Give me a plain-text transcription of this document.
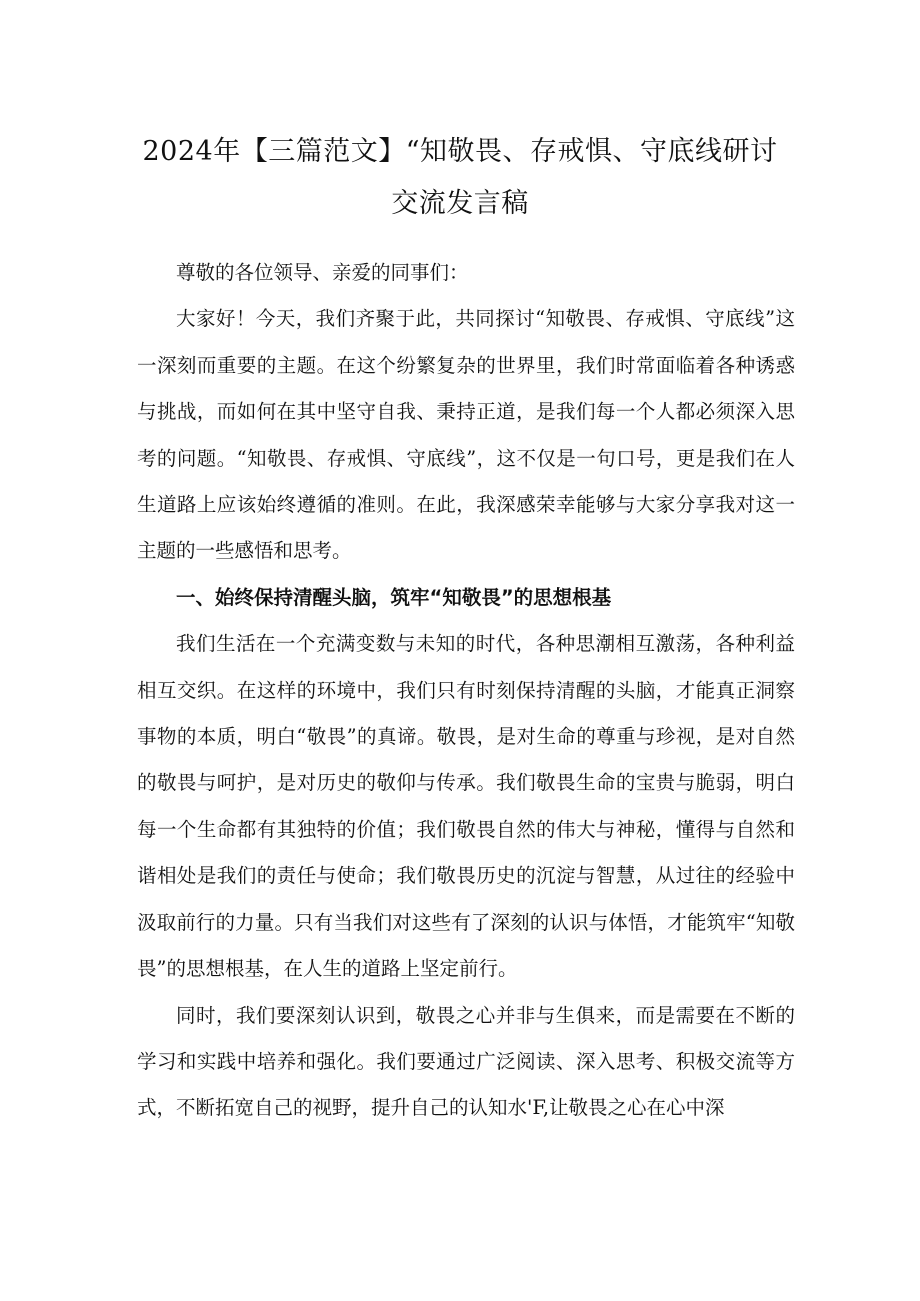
2024年【三篇范文】“知敬畏、存戒惧、守底线研讨
交流发言稿

尊敬的各位领导、亲爱的同事们：

大家好！今天，我们齐聚于此，共同探讨“知敬畏、存戒惧、守底线”这一深刻而重要的主题。在这个纷繁复杂的世界里，我们时常面临着各种诱惑与挑战，而如何在其中坚守自我、秉持正道，是我们每一个人都必须深入思考的问题。“知敬畏、存戒惧、守底线”，这不仅是一句口号，更是我们在人生道路上应该始终遵循的准则。在此，我深感荣幸能够与大家分享我对这一主题的一些感悟和思考。

一、始终保持清醒头脑，筑牢“知敬畏”的思想根基

我们生活在一个充满变数与未知的时代，各种思潮相互激荡，各种利益相互交织。在这样的环境中，我们只有时刻保持清醒的头脑，才能真正洞察事物的本质，明白“敬畏”的真谛。敬畏，是对生命的尊重与珍视，是对自然的敬畏与呵护，是对历史的敬仰与传承。我们敬畏生命的宝贵与脆弱，明白每一个生命都有其独特的价值；我们敬畏自然的伟大与神秘，懂得与自然和谐相处是我们的责任与使命；我们敬畏历史的沉淀与智慧，从过往的经验中汲取前行的力量。只有当我们对这些有了深刻的认识与体悟，才能筑牢“知敬畏”的思想根基，在人生的道路上坚定前行。

同时，我们要深刻认识到，敬畏之心并非与生俱来，而是需要在不断的学习和实践中培养和强化。我们要通过广泛阅读、深入思考、积极交流等方式，不断拓宽自己的视野，提升自己的认知水'F,让敬畏之心在心中深
